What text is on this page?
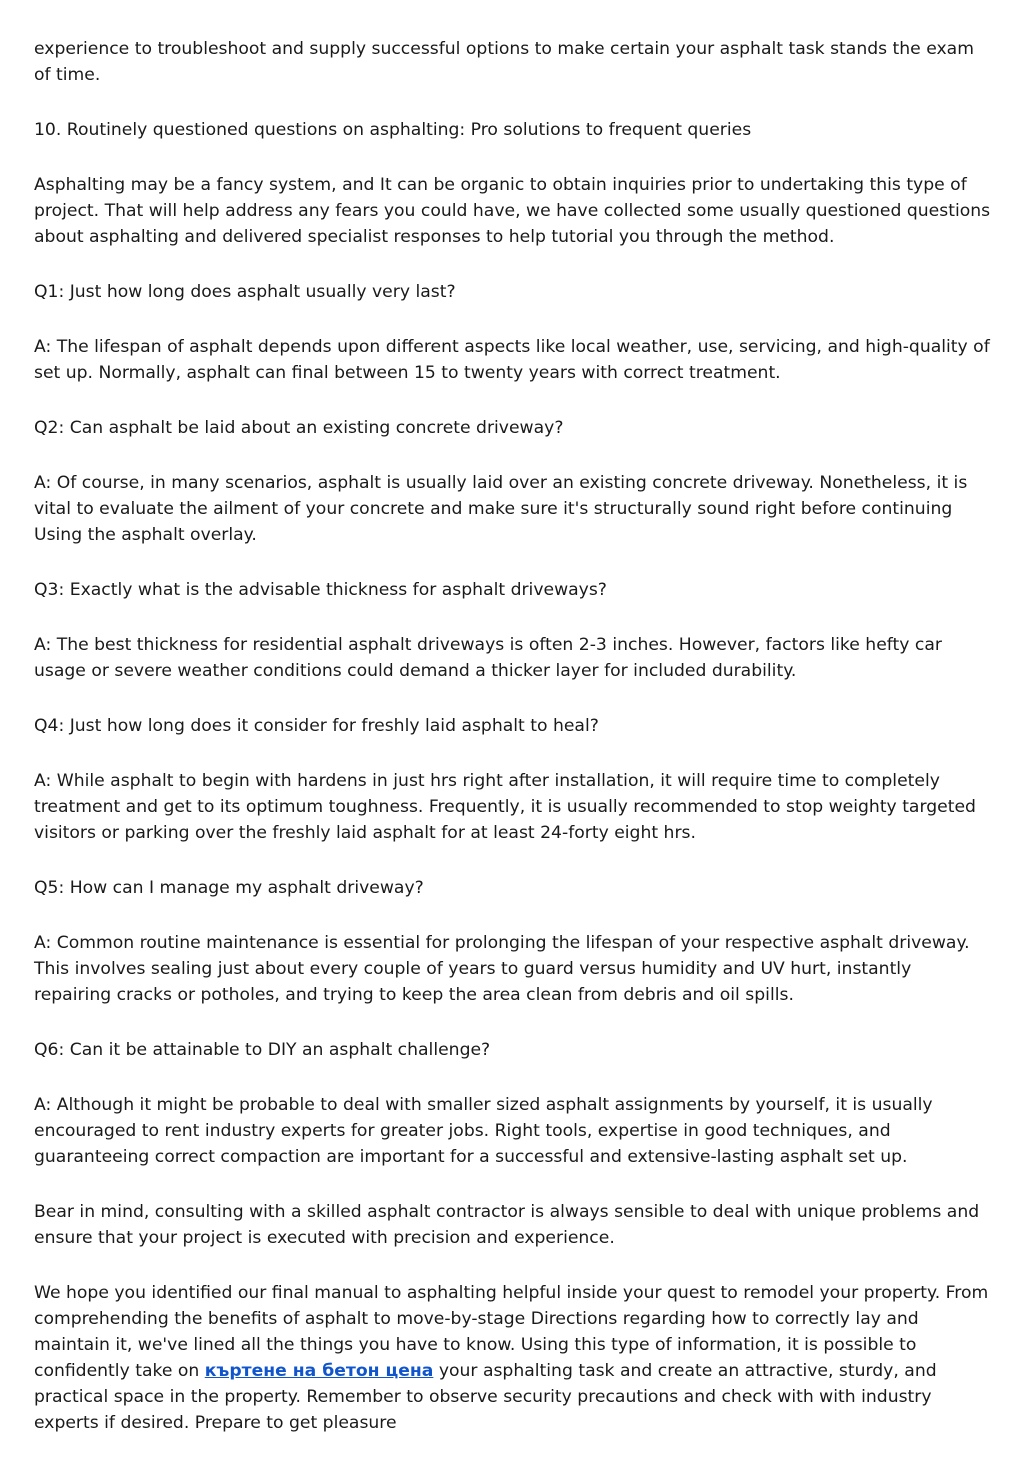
experience to troubleshoot and supply successful options to make certain your asphalt task stands the exam of time.

10. Routinely questioned questions on asphalting: Pro solutions to frequent queries

Asphalting may be a fancy system, and It can be organic to obtain inquiries prior to undertaking this type of project. That will help address any fears you could have, we have collected some usually questioned questions about asphalting and delivered specialist responses to help tutorial you through the method.

Q1: Just how long does asphalt usually very last?

A: The lifespan of asphalt depends upon different aspects like local weather, use, servicing, and high-quality of set up. Normally, asphalt can final between 15 to twenty years with correct treatment.

Q2: Can asphalt be laid about an existing concrete driveway?

A: Of course, in many scenarios, asphalt is usually laid over an existing concrete driveway. Nonetheless, it is vital to evaluate the ailment of your concrete and make sure it's structurally sound right before continuing Using the asphalt overlay.

Q3: Exactly what is the advisable thickness for asphalt driveways?

A: The best thickness for residential asphalt driveways is often 2-3 inches. However, factors like hefty car usage or severe weather conditions could demand a thicker layer for included durability.

Q4: Just how long does it consider for freshly laid asphalt to heal?

A: While asphalt to begin with hardens in just hrs right after installation, it will require time to completely treatment and get to its optimum toughness. Frequently, it is usually recommended to stop weighty targeted visitors or parking over the freshly laid asphalt for at least 24-forty eight hrs.

Q5: How can I manage my asphalt driveway?

A: Common routine maintenance is essential for prolonging the lifespan of your respective asphalt driveway. This involves sealing just about every couple of years to guard versus humidity and UV hurt, instantly repairing cracks or potholes, and trying to keep the area clean from debris and oil spills.

Q6: Can it be attainable to DIY an asphalt challenge?

A: Although it might be probable to deal with smaller sized asphalt assignments by yourself, it is usually encouraged to rent industry experts for greater jobs. Right tools, expertise in good techniques, and guaranteeing correct compaction are important for a successful and extensive-lasting asphalt set up.

Bear in mind, consulting with a skilled asphalt contractor is always sensible to deal with unique problems and ensure that your project is executed with precision and experience.

We hope you identified our final manual to asphalting helpful inside your quest to remodel your property. From comprehending the benefits of asphalt to move-by-stage Directions regarding how to correctly lay and maintain it, we've lined all the things you have to know. Using this type of information, it is possible to confidently take on къртене на бетон цена your asphalting task and create an attractive, sturdy, and practical space in the property. Remember to observe security precautions and check with with industry experts if desired. Prepare to get pleasure
